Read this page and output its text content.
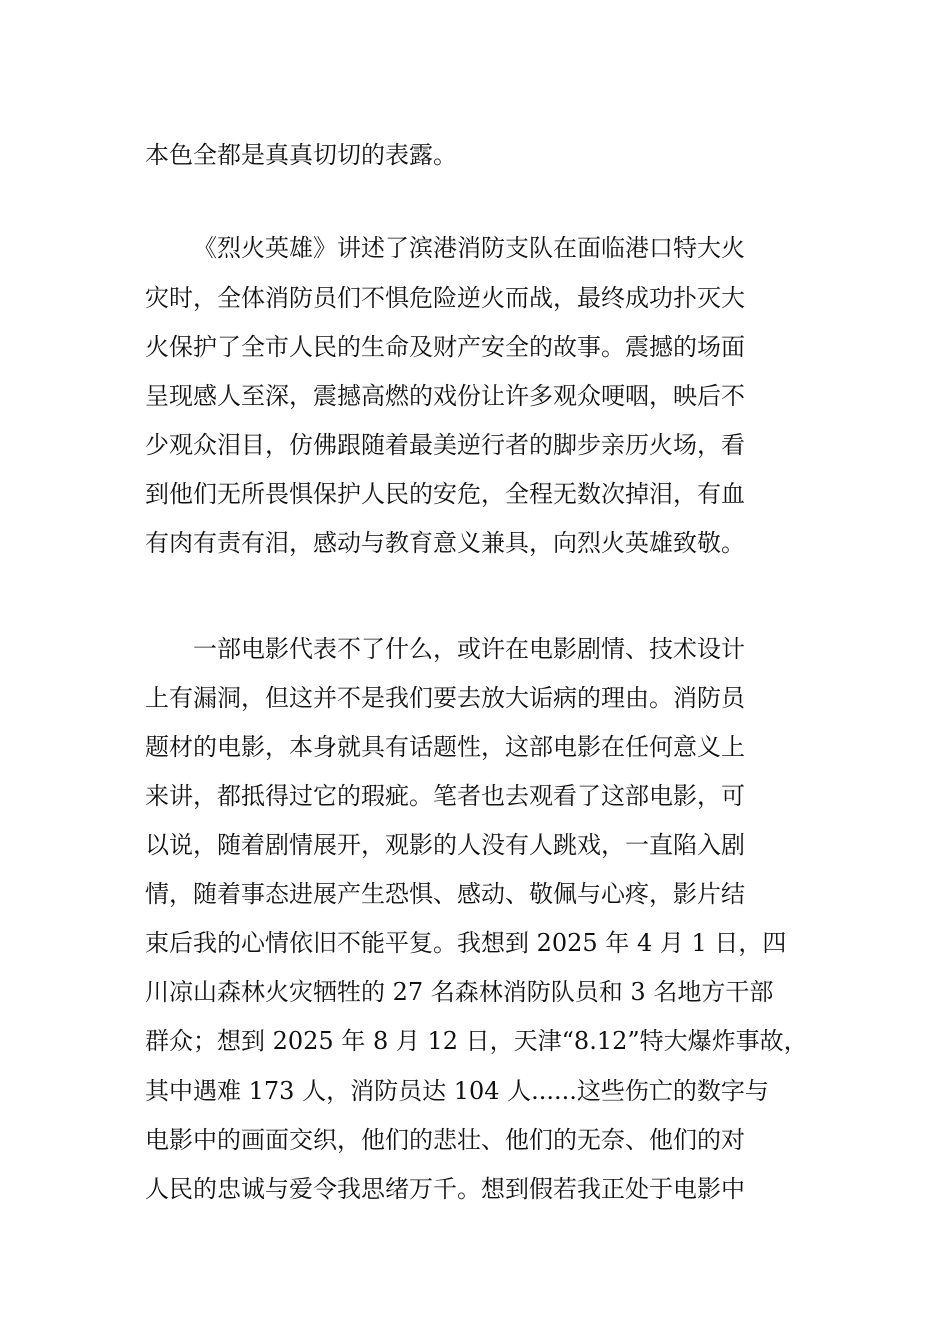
本色全都是真真切切的表露。
《烈火英雄》讲述了滨港消防支队在面临港口特大火
灾时，全体消防员们不惧危险逆火而战，最终成功扑灭大
火保护了全市人民的生命及财产安全的故事。震撼的场面
呈现感人至深，震撼高燃的戏份让许多观众哽咽，映后不
少观众泪目，仿佛跟随着最美逆行者的脚步亲历火场，看
到他们无所畏惧保护人民的安危，全程无数次掉泪，有血
有肉有责有泪，感动与教育意义兼具，向烈火英雄致敬。
一部电影代表不了什么，或许在电影剧情、技术设计
上有漏洞，但这并不是我们要去放大诟病的理由。消防员
题材的电影，本身就具有话题性，这部电影在任何意义上
来讲，都抵得过它的瑕疵。笔者也去观看了这部电影，可
以说，随着剧情展开，观影的人没有人跳戏，一直陷入剧
情，随着事态进展产生恐惧、感动、敬佩与心疼，影片结
束后我的心情依旧不能平复。我想到 2025 年 4 月 1 日，四
川凉山森林火灾牺牲的 27 名森林消防队员和 3 名地方干部
群众；想到 2025 年 8 月 12 日，天津“8.12”特大爆炸事故，
其中遇难 173 人，消防员达 104 人......这些伤亡的数字与
电影中的画面交织，他们的悲壮、他们的无奈、他们的对
人民的忠诚与爱令我思绪万千。想到假若我正处于电影中
